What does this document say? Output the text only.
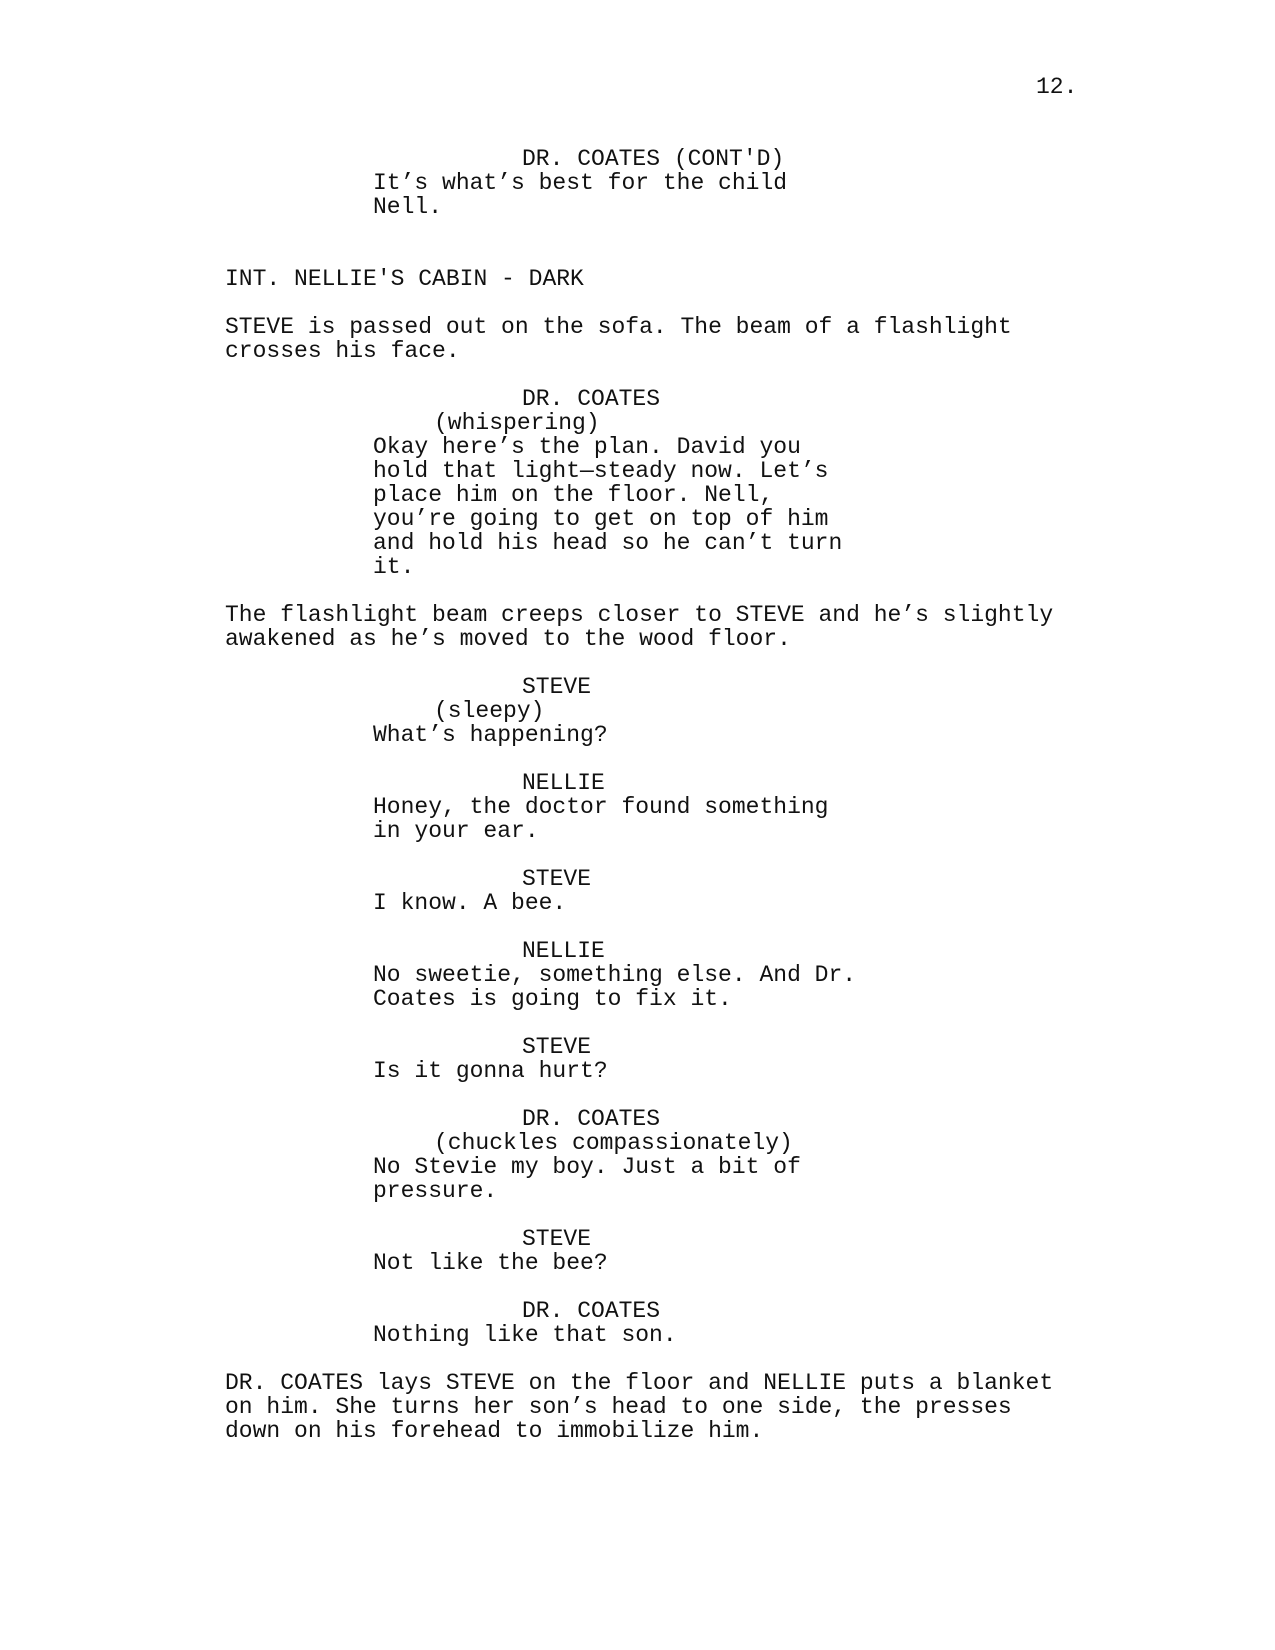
12.
DR. COATES (CONT'D)
It’s what’s best for the child
Nell.
INT. NELLIE'S CABIN - DARK
STEVE is passed out on the sofa. The beam of a flashlight
crosses his face.
DR. COATES
(whispering)
Okay here’s the plan. David you
hold that light—steady now. Let’s
place him on the floor. Nell,
you’re going to get on top of him
and hold his head so he can’t turn
it.
The flashlight beam creeps closer to STEVE and he’s slightly
awakened as he’s moved to the wood floor.
STEVE
(sleepy)
What’s happening?
NELLIE
Honey, the doctor found something
in your ear.
STEVE
I know. A bee.
NELLIE
No sweetie, something else. And Dr.
Coates is going to fix it.
STEVE
Is it gonna hurt?
DR. COATES
(chuckles compassionately)
No Stevie my boy. Just a bit of
pressure.
STEVE
Not like the bee?
DR. COATES
Nothing like that son.
DR. COATES lays STEVE on the floor and NELLIE puts a blanket
on him. She turns her son’s head to one side, the presses
down on his forehead to immobilize him.
